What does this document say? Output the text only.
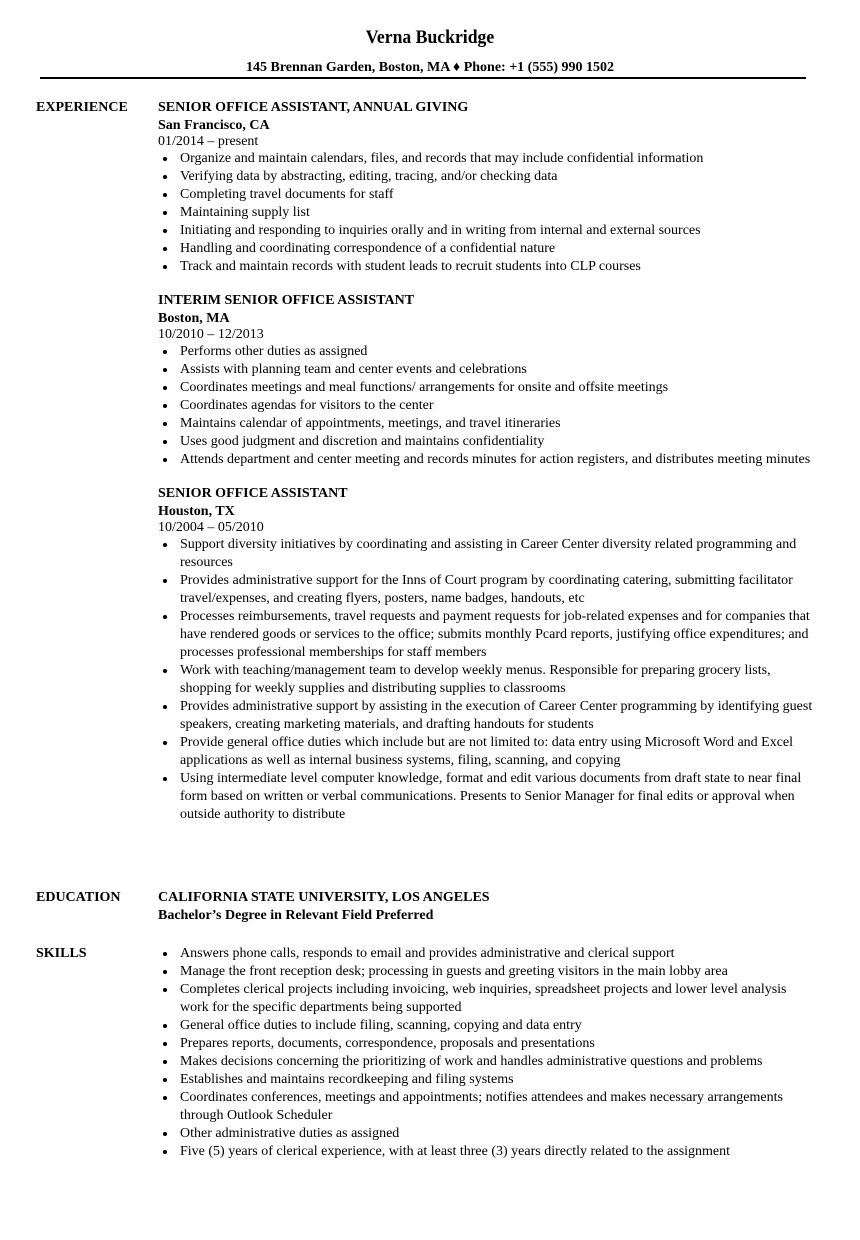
Verna Buckridge
145 Brennan Garden, Boston, MA ♦ Phone: +1 (555) 990 1502
EXPERIENCE SENIOR OFFICE ASSISTANT, ANNUAL GIVING

San Francisco, CA

01/2014 – present

Organize and maintain calendars, files, and records that may include confidential information
Verifying data by abstracting, editing, tracing, and/or checking data
Completing travel documents for staff
Maintaining supply list
Initiating and responding to inquiries orally and in writing from internal and external sources
Handling and coordinating correspondence of a confidential nature
Track and maintain records with student leads to recruit students into CLP courses

INTERIM SENIOR OFFICE ASSISTANT

Boston, MA

10/2010 – 12/2013

Performs other duties as assigned
Assists with planning team and center events and celebrations
Coordinates meetings and meal functions/ arrangements for onsite and offsite meetings
Coordinates agendas for visitors to the center
Maintains calendar of appointments, meetings, and travel itineraries
Uses good judgment and discretion and maintains confidentiality
Attends department and center meeting and records minutes for action registers, and distributes meeting minutes

SENIOR OFFICE ASSISTANT

Houston, TX

10/2004 – 05/2010

Support diversity initiatives by coordinating and assisting in Career Center diversity related programming and resources
Provides administrative support for the Inns of Court program by coordinating catering, submitting facilitator travel/expenses, and creating flyers, posters, name badges, handouts, etc
Processes reimbursements, travel requests and payment requests for job-related expenses and for companies that have rendered goods or services to the office; submits monthly Pcard reports, justifying office expenditures; and processes professional memberships for staff members
Work with teaching/management team to develop weekly menus. Responsible for preparing grocery lists, shopping for weekly supplies and distributing supplies to classrooms
Provides administrative support by assisting in the execution of Career Center programming by identifying guest speakers, creating marketing materials, and drafting handouts for students
Provide general office duties which include but are not limited to: data entry using Microsoft Word and Excel applications as well as internal business systems, filing, scanning, and copying
Using intermediate level computer knowledge, format and edit various documents from draft state to near final form based on written or verbal communications. Presents to Senior Manager for final edits or approval when outside authority to distribute
EDUCATION	CALIFORNIA STATE UNIVERSITY, LOS ANGELES

Bachelor’s Degree in Relevant Field Preferred

SKILLS	Answers phone calls, responds to email and provides administrative and clerical support
Manage the front reception desk; processing in guests and greeting visitors in the main lobby area
Completes clerical projects including invoicing, web inquiries, spreadsheet projects and lower level analysis work for the specific departments being supported
General office duties to include filing, scanning, copying and data entry
Prepares reports, documents, correspondence, proposals and presentations
Makes decisions concerning the prioritizing of work and handles administrative questions and problems
Establishes and maintains recordkeeping and filing systems
Coordinates conferences, meetings and appointments; notifies attendees and makes necessary arrangements through Outlook Scheduler
Other administrative duties as assigned
Five (5) years of clerical experience, with at least three (3) years directly related to the assignment
